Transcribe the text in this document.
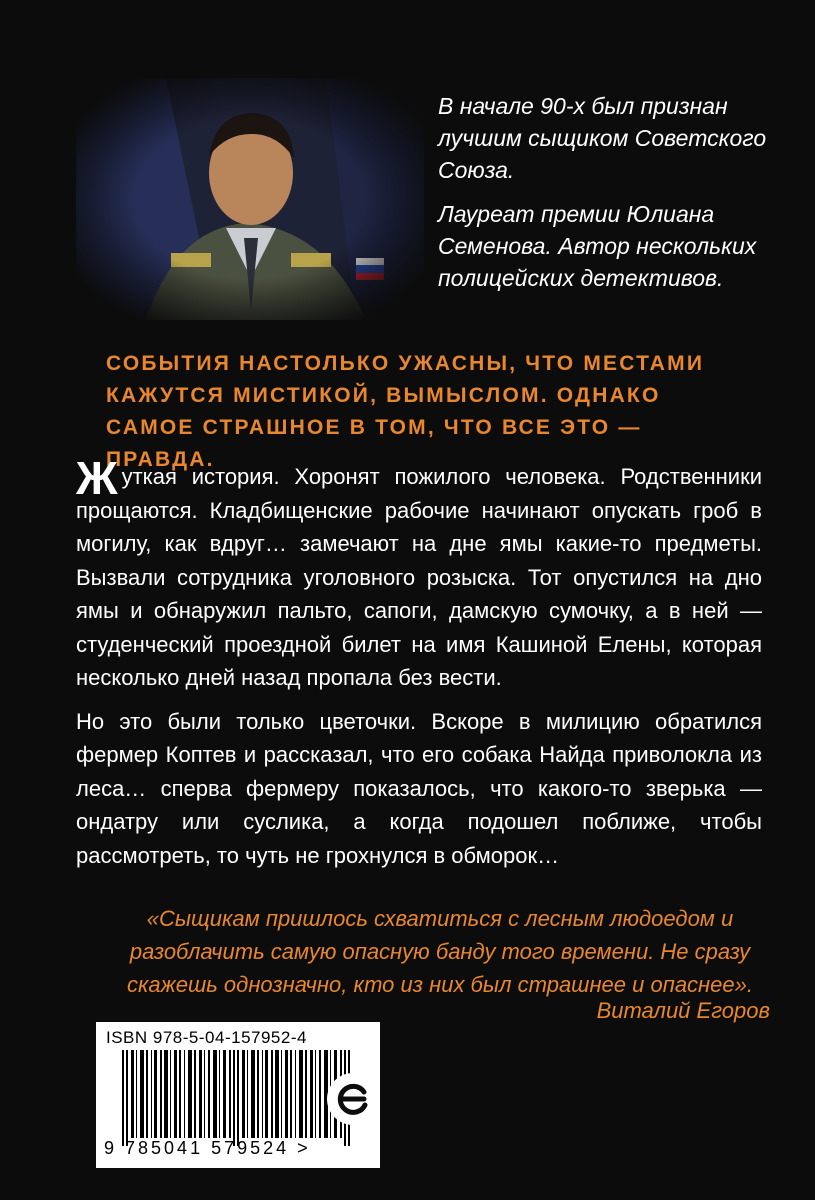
В начале 90-х был признан лучшим сыщиком Советского Союза.

Лауреат премии Юлиана Семенова. Автор нескольких полицейских детективов.

СОБЫТИЯ НАСТОЛЬКО УЖАСНЫ, ЧТО МЕСТАМИ КАЖУТСЯ МИСТИКОЙ, ВЫМЫСЛОМ. ОДНАКО САМОЕ СТРАШНОЕ В ТОМ, ЧТО ВСЕ ЭТО — ПРАВДА.

Жуткая история. Хоронят пожилого человека. Родственники прощаются. Кладбищенские рабочие начинают опускать гроб в могилу, как вдруг… замечают на дне ямы какие-то предметы. Вызвали сотрудника уголовного розыска. Тот опустился на дно ямы и обнаружил пальто, сапоги, дамскую сумочку, а в ней — студенческий проездной билет на имя Кашиной Елены, которая несколько дней назад пропала без вести.

Но это были только цветочки. Вскоре в милицию обратился фермер Коптев и рассказал, что его собака Найда приволокла из леса… сперва фермеру показалось, что какого-то зверька — ондатру или суслика, а когда подошел поближе, чтобы рассмотреть, то чуть не грохнулся в обморок…

«Сыщикам пришлось схватиться с лесным людоедом и разоблачить самую опасную банду того времени. Не сразу скажешь однозначно, кто из них был страшнее и опаснее».
Виталий Егоров
ISBN 978-5-04-157952-4
9 785041 579524 >
